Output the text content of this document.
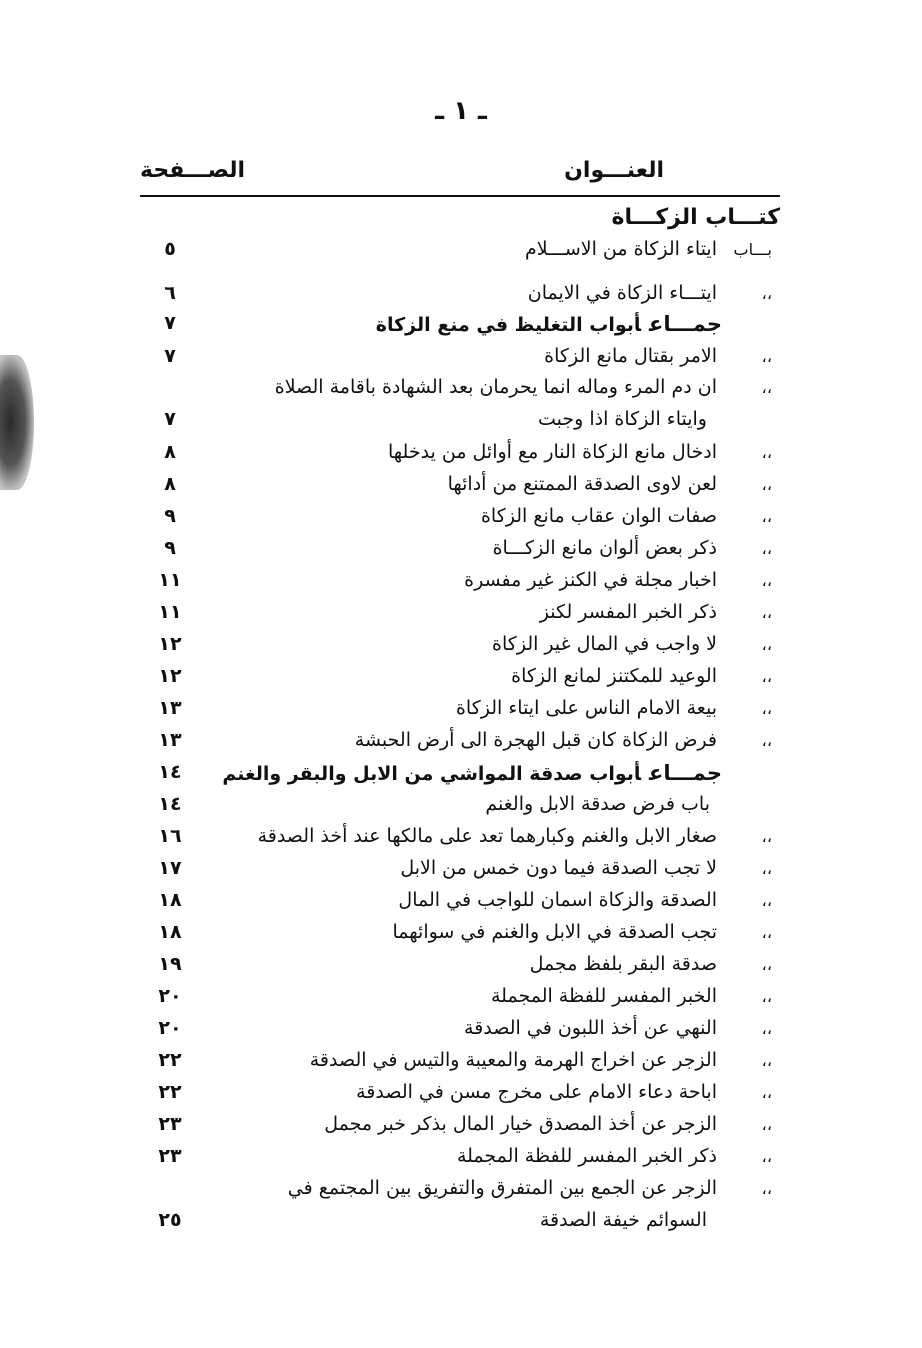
ـ ١ ـ
العنـــوان
الصـــفحة
كتـــاب الزكـــاة
بـــاب
ايتاء الزكاة من الاســـلام
٥
،،
ايتـــاء الزكاة في الايمان
٦
جمـــاعأبواب التغليظ في منع الزكاة
٧
،،
الامر بقتال مانع الزكاة
٧
،،
ان دم المرء وماله انما يحرمان بعد الشهادة باقامة الصلاة
وايتاء الزكاة اذا وجبت
٧
،،
ادخال مانع الزكاة النار مع أوائل من يدخلها
٨
،،
لعن لاوى الصدقة الممتنع من أدائها
٨
،،
صفات الوان عقاب مانع الزكاة
٩
،،
ذكر بعض ألوان مانع الزكـــاة
٩
،،
اخبار مجلة في الكنز غير مفسرة
١١
،،
ذكر الخبر المفسر لكنز
١١
،،
لا واجب في المال غير الزكاة
١٢
،،
الوعيد للمكتنز لمانع الزكاة
١٢
،،
بيعة الامام الناس على ايتاء الزكاة
١٣
،،
فرض الزكاة كان قبل الهجرة الى أرض الحبشة
١٣
جمـــاعأبواب صدقة المواشي من الابل والبقر والغنم
١٤
باب فرض صدقة الابل والغنم
١٤
،،
صغار الابل والغنم وكبارهما تعد على مالكها عند أخذ الصدقة
١٦
،،
لا تجب الصدقة فيما دون خمس من الابل
١٧
،،
الصدقة والزكاة اسمان للواجب في المال
١٨
،،
تجب الصدقة في الابل والغنم في سوائهما
١٨
،،
صدقة البقر بلفظ مجمل
١٩
،،
الخبر المفسر للفظة المجملة
٢٠
،،
النهي عن أخذ اللبون في الصدقة
٢٠
،،
الزجر عن اخراج الهرمة والمعيبة والتيس في الصدقة
٢٢
،،
اباحة دعاء الامام على مخرج مسن في الصدقة
٢٢
،،
الزجر عن أخذ المصدق خيار المال بذكر خبر مجمل
٢٣
،،
ذكر الخبر المفسر للفظة المجملة
٢٣
،،
الزجر عن الجمع بين المتفرق والتفريق بين المجتمع في
السوائم خيفة الصدقة
٢٥
